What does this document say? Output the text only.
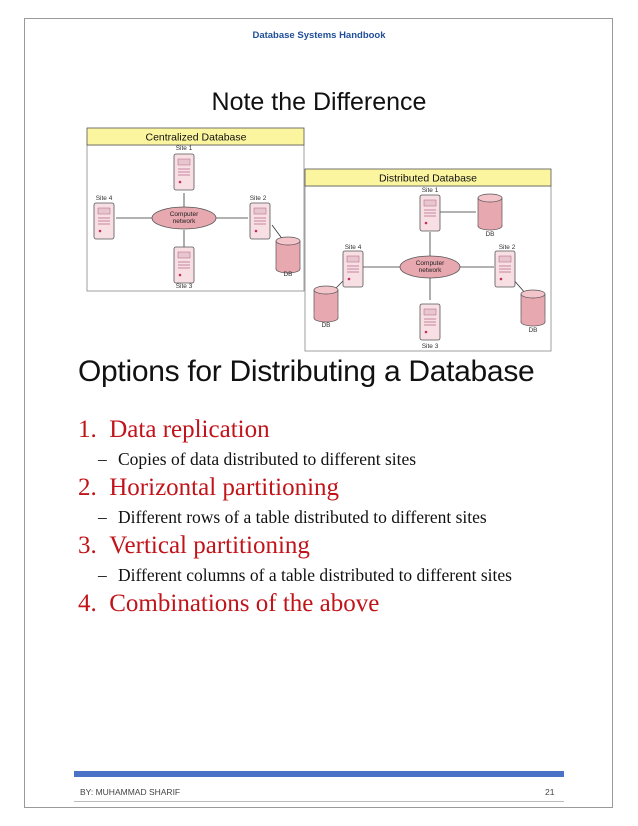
Database Systems Handbook
Note the Difference
Centralized Database
Computer
network
Site 1
Site 2
Site 4
Site 3
DB
Distributed Database
Computer
network
Site 1
DB
Site 4
DB
Site 2
DB
Site 3
Options for Distributing a Database
1. Data replication
– Copies of data distributed to different sites
2. Horizontal partitioning
– Different rows of a table distributed to different sites
3. Vertical partitioning
– Different columns of a table distributed to different sites
4. Combinations of the above
BY: MUHAMMAD SHARIF	21
